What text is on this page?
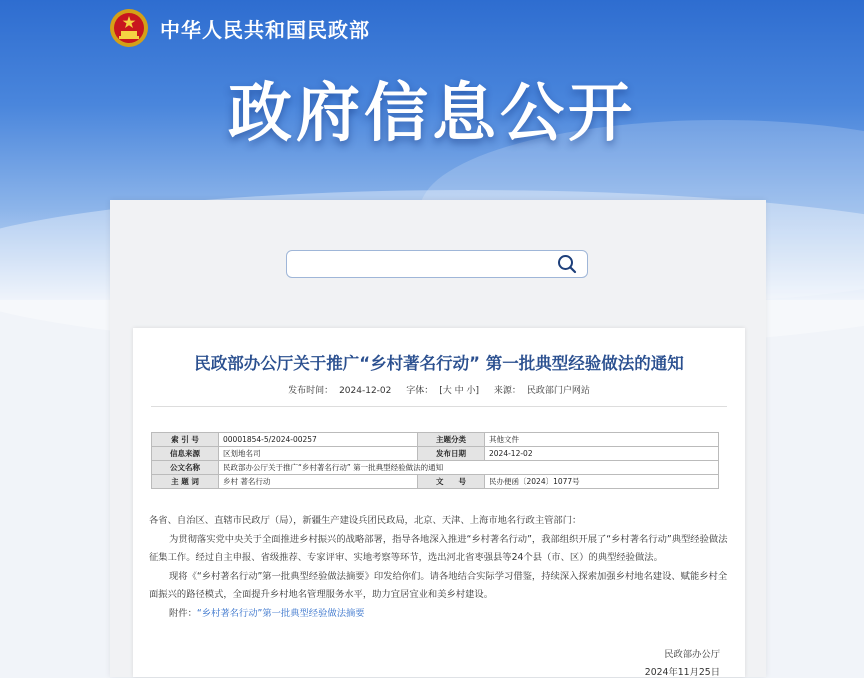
中华人民共和国民政部
政府信息公开
民政部办公厅关于推广“乡村著名行动” 第一批典型经验做法的通知
发布时间： 2024-12-02 字体： [大 中 小] 来源： 民政部门户网站
索 引 号	00001854-5/2024-00257	主题分类	其他文件
信息来源	区划地名司	发布日期	2024-12-02
公文名称	民政部办公厅关于推广“乡村著名行动” 第一批典型经验做法的通知		
主 题 词	乡村 著名行动	文　　号	民办便函〔2024〕1077号

各省、自治区、直辖市民政厅（局），新疆生产建设兵团民政局，北京、天津、上海市地名行政主管部门：

为贯彻落实党中央关于全面推进乡村振兴的战略部署，指导各地深入推进“乡村著名行动”，我部组织开展了“乡村著名行动”典型经验做法征集工作。经过自主申报、省级推荐、专家评审、实地考察等环节，选出河北省枣强县等24个县（市、区）的典型经验做法。

现将《“乡村著名行动”第一批典型经验做法摘要》印发给你们。请各地结合实际学习借鉴，持续深入探索加强乡村地名建设、赋能乡村全面振兴的路径模式，全面提升乡村地名管理服务水平，助力宜居宜业和美乡村建设。

附件：“乡村著名行动”第一批典型经验做法摘要

民政部办公厅
2024年11月25日
